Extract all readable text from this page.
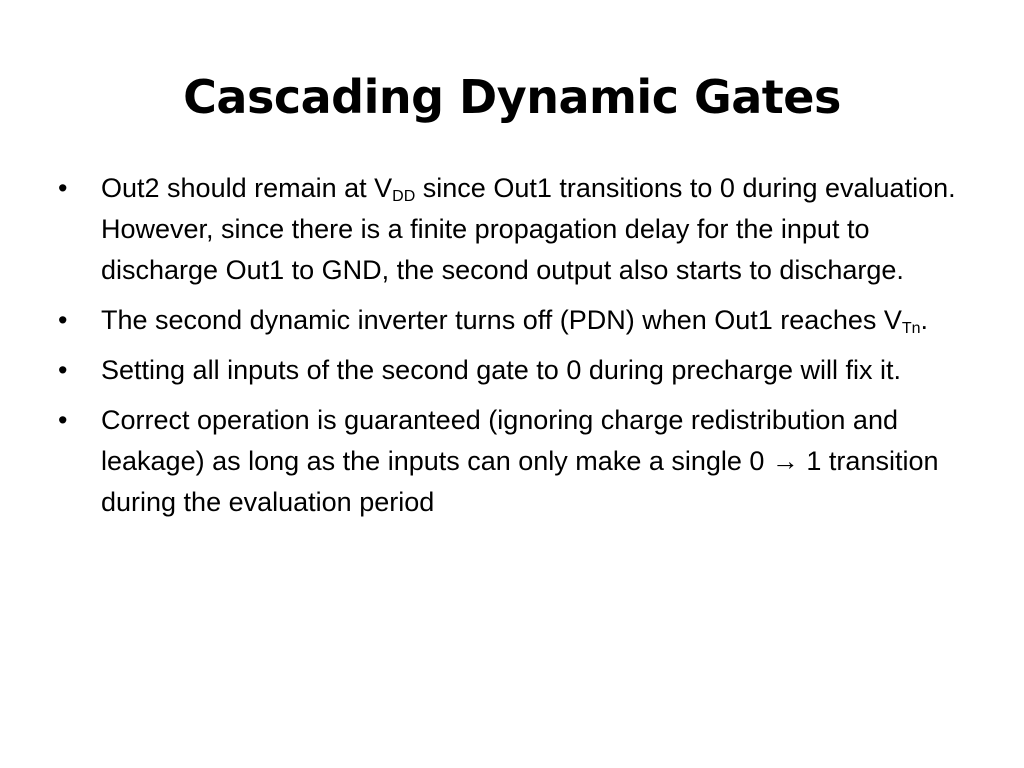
Cascading Dynamic Gates
• Out2 should remain at $V_{DD}$ since Out1 transitions to 0 during evaluation. However, since there is a finite propagation delay for the input to discharge Out1 to GND, the second output also starts to discharge.
• The second dynamic inverter turns off (PDN) when Out1 reaches $V_{Tn}$.
• Setting all inputs of the second gate to 0 during precharge will fix it.
• Correct operation is guaranteed (ignoring charge redistribution and leakage) as long as the inputs can only make a single 0 → 1 transition during the evaluation period
